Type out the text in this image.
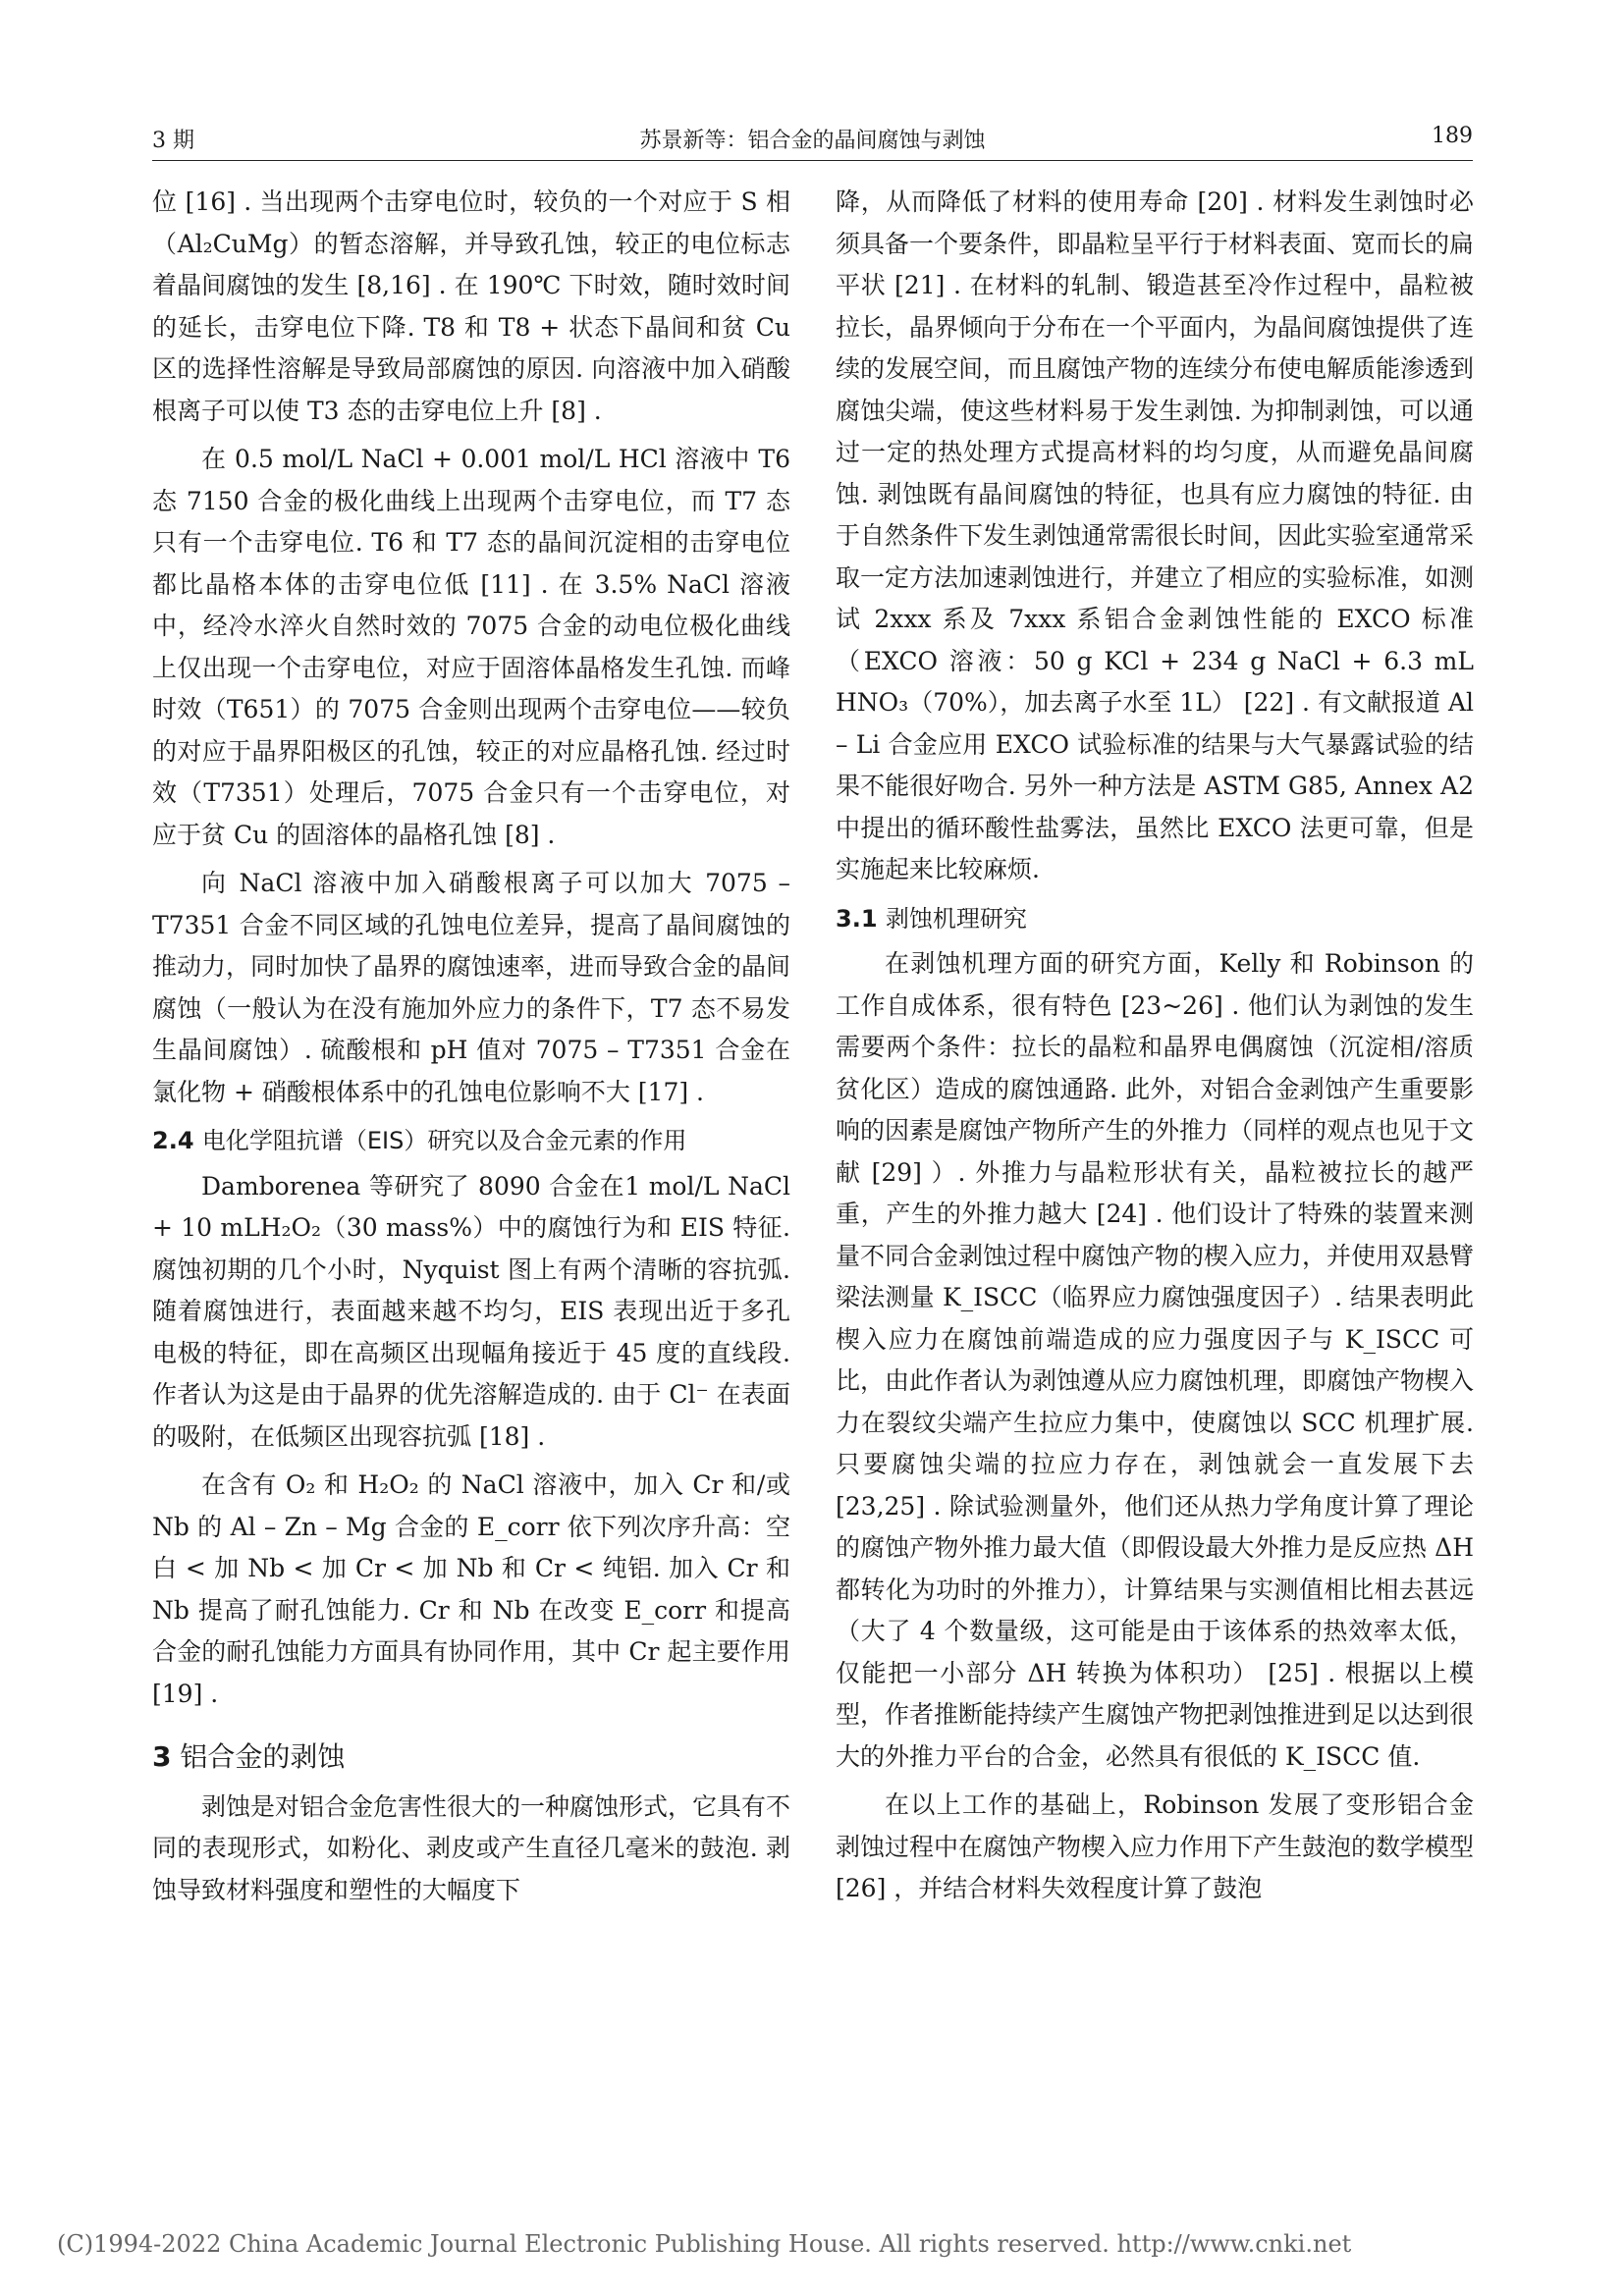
3 期	苏景新等：铝合金的晶间腐蚀与剥蚀	189

位 [16] . 当出现两个击穿电位时，较负的一个对应于 S 相（Al₂CuMg）的暂态溶解，并导致孔蚀，较正的电位标志着晶间腐蚀的发生 [8,16] . 在 190℃ 下时效，随时效时间的延长，击穿电位下降. T8 和 T8 + 状态下晶间和贫 Cu 区的选择性溶解是导致局部腐蚀的原因. 向溶液中加入硝酸根离子可以使 T3 态的击穿电位上升 [8] .

在 0.5 mol/L NaCl + 0.001 mol/L HCl 溶液中 T6 态 7150 合金的极化曲线上出现两个击穿电位，而 T7 态只有一个击穿电位. T6 和 T7 态的晶间沉淀相的击穿电位都比晶格本体的击穿电位低 [11] . 在 3.5% NaCl 溶液中，经冷水淬火自然时效的 7075 合金的动电位极化曲线上仅出现一个击穿电位，对应于固溶体晶格发生孔蚀. 而峰时效（T651）的 7075 合金则出现两个击穿电位——较负的对应于晶界阳极区的孔蚀，较正的对应晶格孔蚀. 经过时效（T7351）处理后，7075 合金只有一个击穿电位，对应于贫 Cu 的固溶体的晶格孔蚀 [8] .

向 NaCl 溶液中加入硝酸根离子可以加大 7075 – T7351 合金不同区域的孔蚀电位差异，提高了晶间腐蚀的推动力，同时加快了晶界的腐蚀速率，进而导致合金的晶间腐蚀（一般认为在没有施加外应力的条件下，T7 态不易发生晶间腐蚀）. 硫酸根和 pH 值对 7075 – T7351 合金在氯化物 + 硝酸根体系中的孔蚀电位影响不大 [17] .

2.4 电化学阻抗谱（EIS）研究以及合金元素的作用

Damborenea 等研究了 8090 合金在1 mol/L NaCl + 10 mLH₂O₂（30 mass%）中的腐蚀行为和 EIS 特征. 腐蚀初期的几个小时，Nyquist 图上有两个清晰的容抗弧. 随着腐蚀进行，表面越来越不均匀，EIS 表现出近于多孔电极的特征，即在高频区出现幅角接近于 45 度的直线段. 作者认为这是由于晶界的优先溶解造成的. 由于 Cl⁻ 在表面的吸附，在低频区出现容抗弧 [18] .

在含有 O₂ 和 H₂O₂ 的 NaCl 溶液中，加入 Cr 和/或 Nb 的 Al – Zn – Mg 合金的 E_corr 依下列次序升高：空白 < 加 Nb < 加 Cr < 加 Nb 和 Cr < 纯铝. 加入 Cr 和 Nb 提高了耐孔蚀能力. Cr 和 Nb 在改变 E_corr 和提高合金的耐孔蚀能力方面具有协同作用，其中 Cr 起主要作用 [19] .

3 铝合金的剥蚀

剥蚀是对铝合金危害性很大的一种腐蚀形式，它具有不同的表现形式，如粉化、剥皮或产生直径几毫米的鼓泡. 剥蚀导致材料强度和塑性的大幅度下

降，从而降低了材料的使用寿命 [20] . 材料发生剥蚀时必须具备一个要条件，即晶粒呈平行于材料表面、宽而长的扁平状 [21] . 在材料的轧制、锻造甚至冷作过程中，晶粒被拉长，晶界倾向于分布在一个平面内，为晶间腐蚀提供了连续的发展空间，而且腐蚀产物的连续分布使电解质能渗透到腐蚀尖端，使这些材料易于发生剥蚀. 为抑制剥蚀，可以通过一定的热处理方式提高材料的均匀度，从而避免晶间腐蚀. 剥蚀既有晶间腐蚀的特征，也具有应力腐蚀的特征. 由于自然条件下发生剥蚀通常需很长时间，因此实验室通常采取一定方法加速剥蚀进行，并建立了相应的实验标准，如测试 2xxx 系及 7xxx 系铝合金剥蚀性能的 EXCO 标准（EXCO 溶液：50 g KCl + 234 g NaCl + 6.3 mL HNO₃（70%），加去离子水至 1L） [22] . 有文献报道 Al – Li 合金应用 EXCO 试验标准的结果与大气暴露试验的结果不能很好吻合. 另外一种方法是 ASTM G85, Annex A2 中提出的循环酸性盐雾法，虽然比 EXCO 法更可靠，但是实施起来比较麻烦.

3.1 剥蚀机理研究

在剥蚀机理方面的研究方面，Kelly 和 Robinson 的工作自成体系，很有特色 [23~26] . 他们认为剥蚀的发生需要两个条件：拉长的晶粒和晶界电偶腐蚀（沉淀相/溶质贫化区）造成的腐蚀通路. 此外，对铝合金剥蚀产生重要影响的因素是腐蚀产物所产生的外推力（同样的观点也见于文献 [29] ）. 外推力与晶粒形状有关，晶粒被拉长的越严重，产生的外推力越大 [24] . 他们设计了特殊的装置来测量不同合金剥蚀过程中腐蚀产物的楔入应力，并使用双悬臂梁法测量 K_ISCC（临界应力腐蚀强度因子）. 结果表明此楔入应力在腐蚀前端造成的应力强度因子与 K_ISCC 可比，由此作者认为剥蚀遵从应力腐蚀机理，即腐蚀产物楔入力在裂纹尖端产生拉应力集中，使腐蚀以 SCC 机理扩展. 只要腐蚀尖端的拉应力存在，剥蚀就会一直发展下去 [23,25] . 除试验测量外，他们还从热力学角度计算了理论的腐蚀产物外推力最大值（即假设最大外推力是反应热 ΔH 都转化为功时的外推力），计算结果与实测值相比相去甚远（大了 4 个数量级，这可能是由于该体系的热效率太低，仅能把一小部分 ΔH 转换为体积功） [25] . 根据以上模型，作者推断能持续产生腐蚀产物把剥蚀推进到足以达到很大的外推力平台的合金，必然具有很低的 K_ISCC 值.

在以上工作的基础上，Robinson 发展了变形铝合金剥蚀过程中在腐蚀产物楔入应力作用下产生鼓泡的数学模型 [26] ，并结合材料失效程度计算了鼓泡

(C)1994-2022 China Academic Journal Electronic Publishing House. All rights reserved. http://www.cnki.net
